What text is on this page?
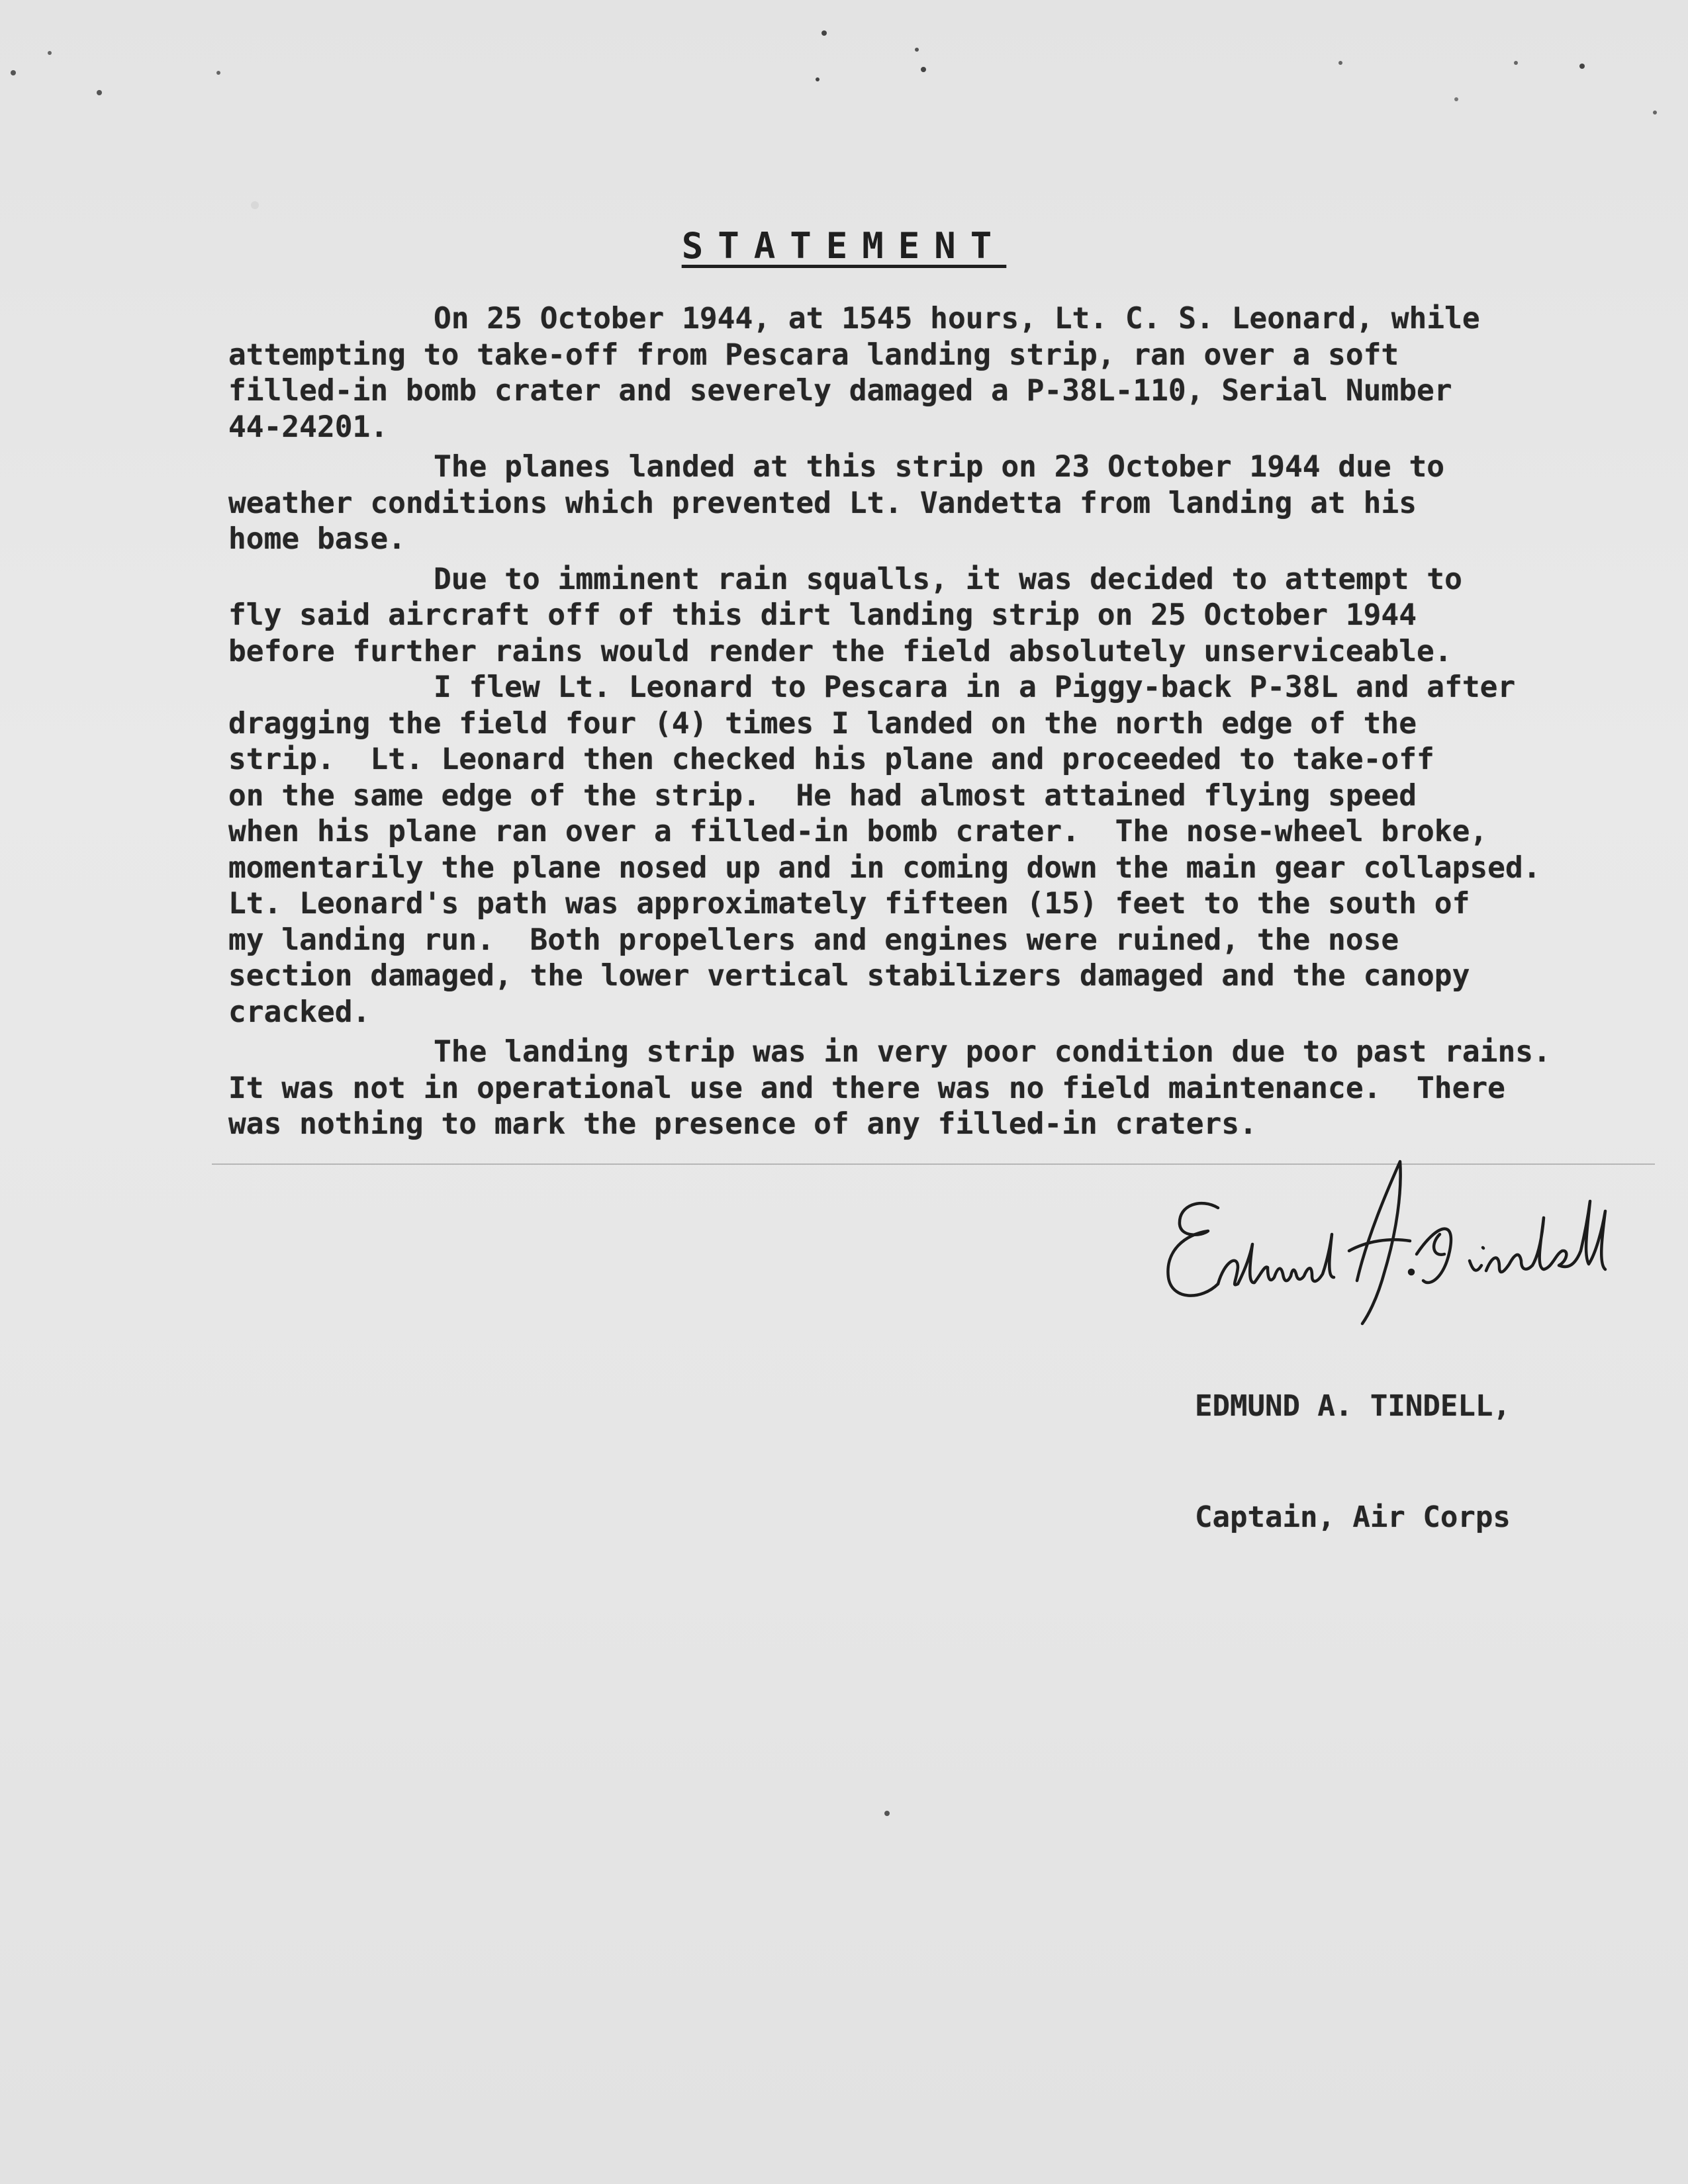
STATEMENT
On 25 October 1944, at 1545 hours, Lt. C. S. Leonard, while
attempting to take-off from Pescara landing strip, ran over a soft
filled-in bomb crater and severely damaged a P-38L-110, Serial Number
44-24201.
The planes landed at this strip on 23 October 1944 due to
weather conditions which prevented Lt. Vandetta from landing at his
home base.
Due to imminent rain squalls, it was decided to attempt to
fly said aircraft off of this dirt landing strip on 25 October 1944
before further rains would render the field absolutely unserviceable.
I flew Lt. Leonard to Pescara in a Piggy-back P-38L and after
dragging the field four (4) times I landed on the north edge of the
strip.  Lt. Leonard then checked his plane and proceeded to take-off
on the same edge of the strip.  He had almost attained flying speed
when his plane ran over a filled-in bomb crater.  The nose-wheel broke,
momentarily the plane nosed up and in coming down the main gear collapsed.
Lt. Leonard's path was approximately fifteen (15) feet to the south of
my landing run.  Both propellers and engines were ruined, the nose
section damaged, the lower vertical stabilizers damaged and the canopy
cracked.
The landing strip was in very poor condition due to past rains.
It was not in operational use and there was no field maintenance.  There
was nothing to mark the presence of any filled-in craters.

EDMUND A. TINDELL,

Captain, Air Corps
